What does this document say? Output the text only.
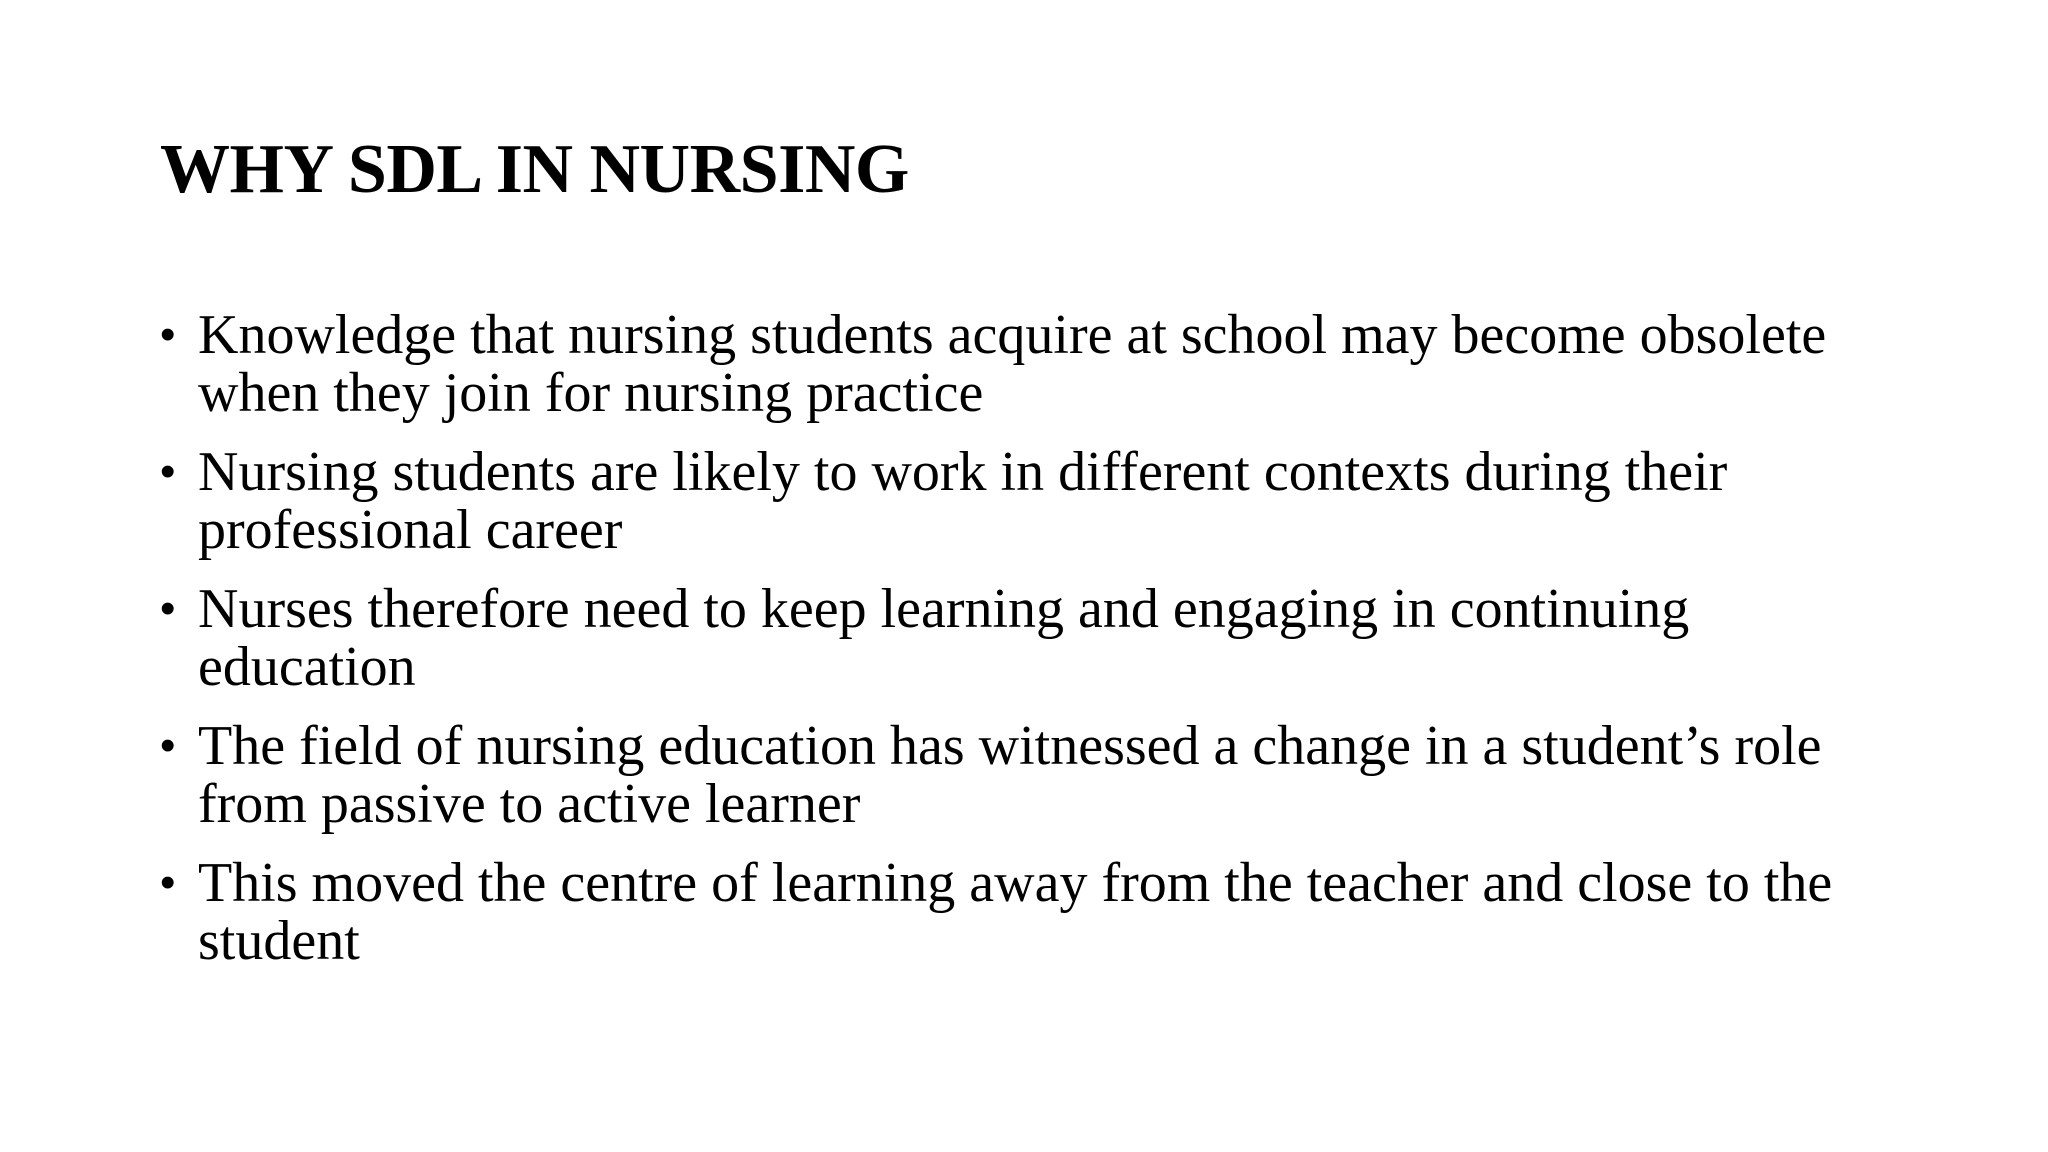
WHY SDL IN NURSING
• Knowledge that nursing students acquire at school may become obsolete when they join for nursing practice
• Nursing students are likely to work in different contexts during their professional career
• Nurses therefore need to keep learning and engaging in continuing education
• The field of nursing education has witnessed a change in a student’s role from passive to active learner
• This moved the centre of learning away from the teacher and close to the student
